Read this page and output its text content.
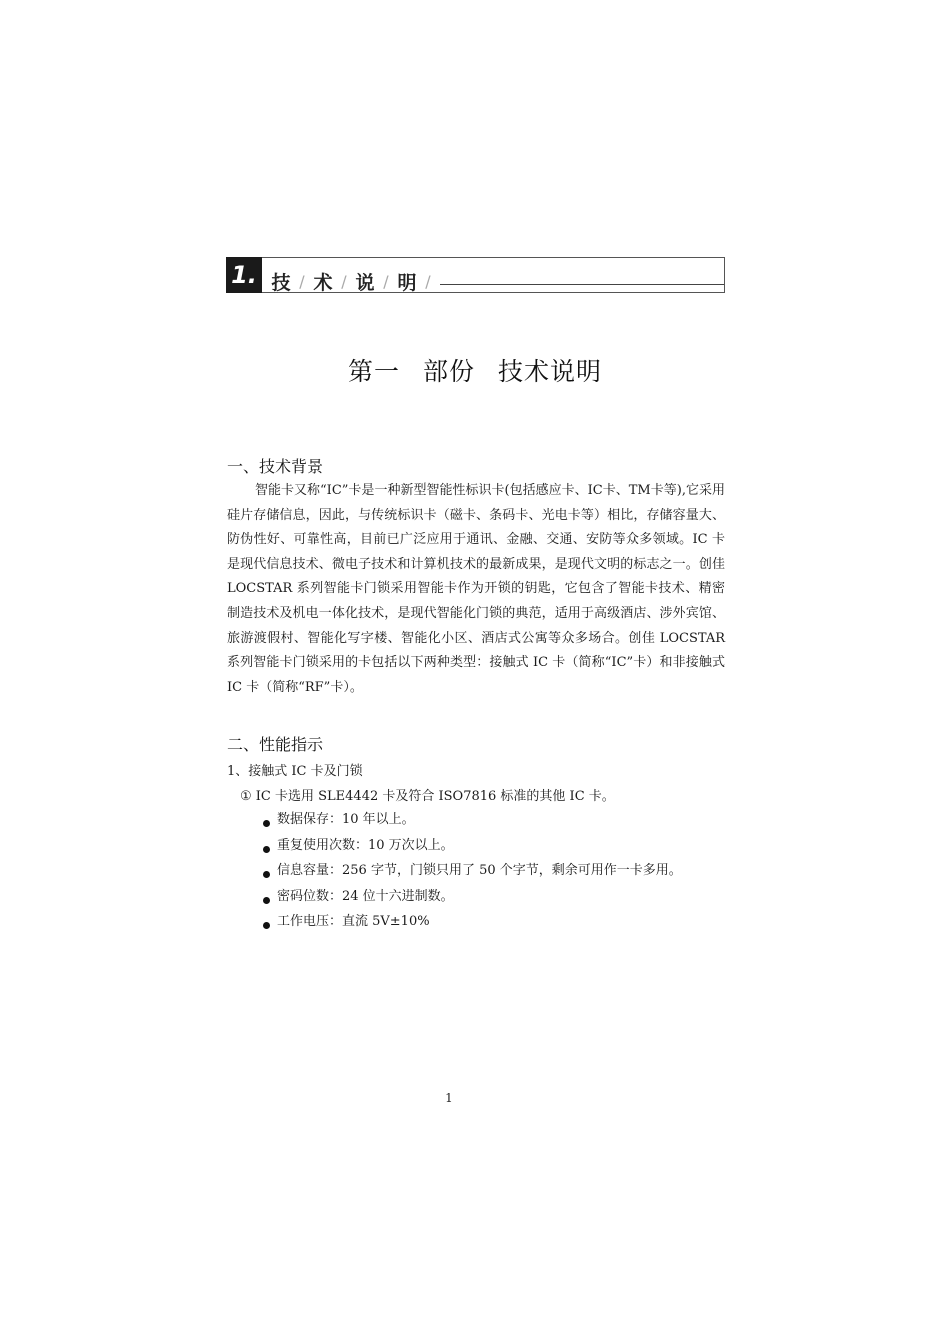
1. 技 / 术 / 说 / 明 /
第一 部份 技术说明
一、技术背景
智能卡又称“IC”卡是一种新型智能性标识卡(包括感应卡、IC卡、TM卡等),它采用硅片存储信息，因此，与传统标识卡（磁卡、条码卡、光电卡等）相比，存储容量大、防伪性好、可靠性高，目前已广泛应用于通讯、金融、交通、安防等众多领域。IC 卡是现代信息技术、微电子技术和计算机技术的最新成果，是现代文明的标志之一。创佳 LOCSTAR 系列智能卡门锁采用智能卡作为开锁的钥匙，它包含了智能卡技术、精密制造技术及机电一体化技术，是现代智能化门锁的典范，适用于高级酒店、涉外宾馆、旅游渡假村、智能化写字楼、智能化小区、酒店式公寓等众多场合。创佳 LOCSTAR 系列智能卡门锁采用的卡包括以下两种类型：接触式 IC 卡（简称“IC”卡）和非接触式 IC 卡（简称“RF”卡）。
二、性能指示
1、接触式 IC 卡及门锁
① IC 卡选用 SLE4442 卡及符合 ISO7816 标准的其他 IC 卡。
数据保存：10 年以上。
重复使用次数：10 万次以上。
信息容量：256 字节，门锁只用了 50 个字节，剩余可用作一卡多用。
密码位数：24 位十六进制数。
工作电压：直流 5V±10%
1
